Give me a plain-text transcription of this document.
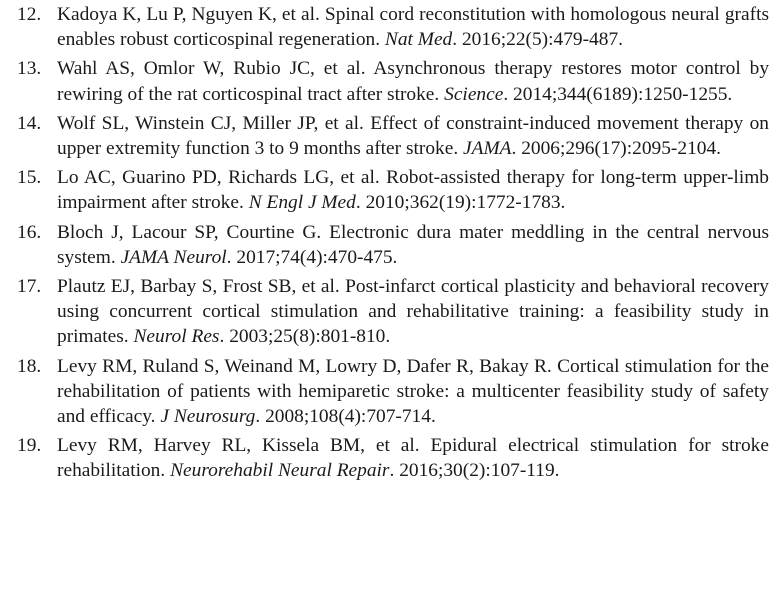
12. Kadoya K, Lu P, Nguyen K, et al. Spinal cord reconstitution with homologous neural grafts enables robust corticospinal regeneration. Nat Med. 2016;22(5):479-487.
13. Wahl AS, Omlor W, Rubio JC, et al. Asynchronous therapy restores motor control by rewiring of the rat corticospinal tract after stroke. Science. 2014;344(6189):1250-1255.
14. Wolf SL, Winstein CJ, Miller JP, et al. Effect of constraint-induced movement therapy on upper extremity function 3 to 9 months after stroke. JAMA. 2006;296(17):2095-2104.
15. Lo AC, Guarino PD, Richards LG, et al. Robot-assisted therapy for long-term upper-limb impairment after stroke. N Engl J Med. 2010;362(19):1772-1783.
16. Bloch J, Lacour SP, Courtine G. Electronic dura mater meddling in the central nervous system. JAMA Neurol. 2017;74(4):470-475.
17. Plautz EJ, Barbay S, Frost SB, et al. Post-infarct cortical plasticity and behavioral recovery using concurrent cortical stimulation and rehabilitative training: a feasibility study in primates. Neurol Res. 2003;25(8):801-810.
18. Levy RM, Ruland S, Weinand M, Lowry D, Dafer R, Bakay R. Cortical stimulation for the rehabilitation of patients with hemiparetic stroke: a multicenter feasibility study of safety and efficacy. J Neurosurg. 2008;108(4):707-714.
19. Levy RM, Harvey RL, Kissela BM, et al. Epidural electrical stimulation for stroke rehabilitation. Neurorehabil Neural Repair. 2016;30(2):107-119.
